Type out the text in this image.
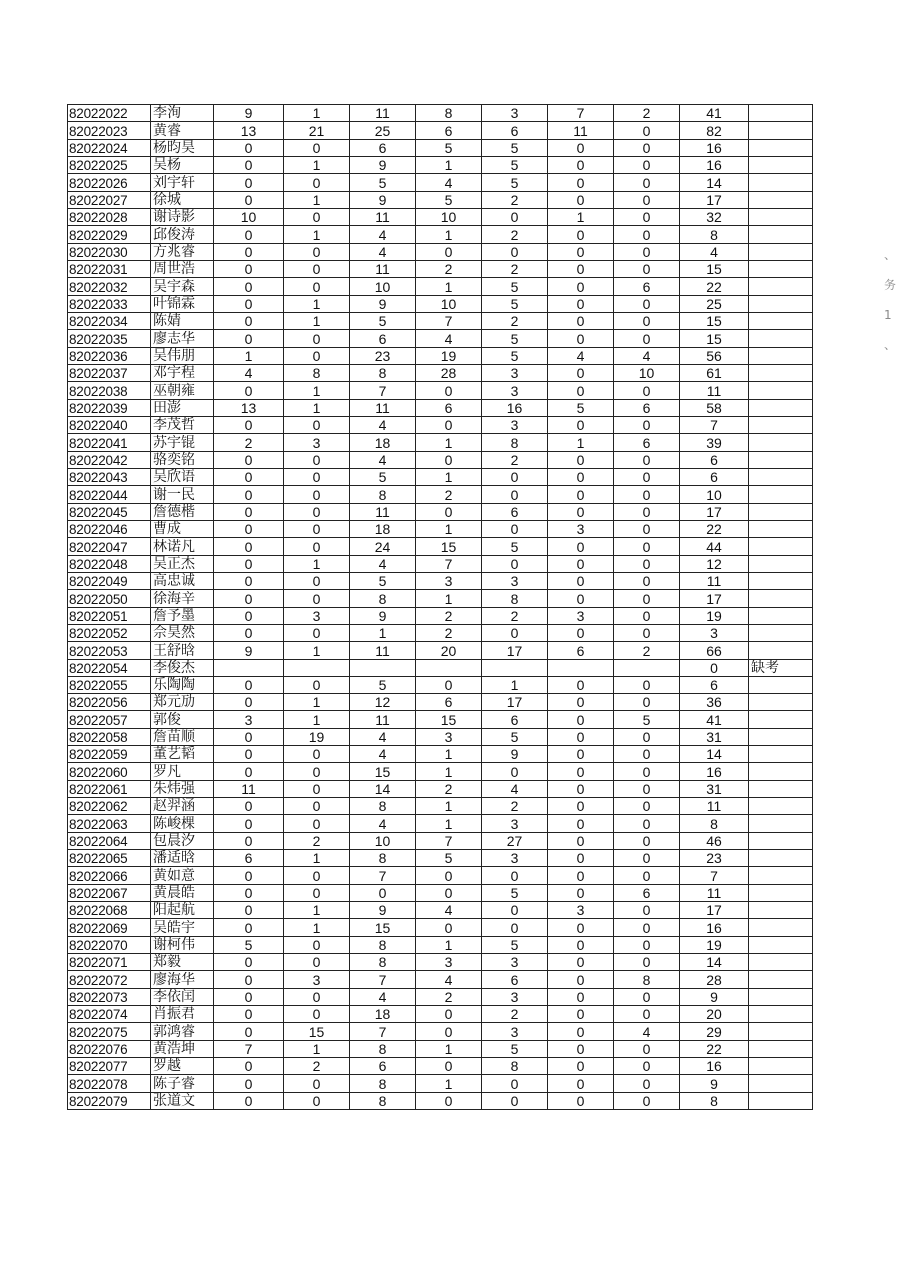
82022022	李洵	9	1	11	8	3	7	2	41	
82022023	黄睿	13	21	25	6	6	11	0	82	
82022024	杨昀昊	0	0	6	5	5	0	0	16	
82022025	吴杨	0	1	9	1	5	0	0	16	
82022026	刘宇轩	0	0	5	4	5	0	0	14	
82022027	徐城	0	1	9	5	2	0	0	17	
82022028	谢诗影	10	0	11	10	0	1	0	32	
82022029	邱俊涛	0	1	4	1	2	0	0	8	
82022030	方兆睿	0	0	4	0	0	0	0	4	
82022031	周世浩	0	0	11	2	2	0	0	15	
82022032	吴宇森	0	0	10	1	5	0	6	22	
82022033	叶锦霖	0	1	9	10	5	0	0	25	
82022034	陈婧	0	1	5	7	2	0	0	15	
82022035	廖志华	0	0	6	4	5	0	0	15	
82022036	吴伟朋	1	0	23	19	5	4	4	56	
82022037	邓宇程	4	8	8	28	3	0	10	61	
82022038	巫朝雍	0	1	7	0	3	0	0	11	
82022039	田澎	13	1	11	6	16	5	6	58	
82022040	李茂哲	0	0	4	0	3	0	0	7	
82022041	苏宇锟	2	3	18	1	8	1	6	39	
82022042	骆奕铭	0	0	4	0	2	0	0	6	
82022043	吴欣语	0	0	5	1	0	0	0	6	
82022044	谢一民	0	0	8	2	0	0	0	10	
82022045	詹德楷	0	0	11	0	6	0	0	17	
82022046	曹成	0	0	18	1	0	3	0	22	
82022047	林诺凡	0	0	24	15	5	0	0	44	
82022048	吴正杰	0	1	4	7	0	0	0	12	
82022049	高忠诚	0	0	5	3	3	0	0	11	
82022050	徐海辛	0	0	8	1	8	0	0	17	
82022051	詹予墨	0	3	9	2	2	3	0	19	
82022052	佘昊然	0	0	1	2	0	0	0	3	
82022053	王舒晗	9	1	11	20	17	6	2	66	
82022054	李俊杰								0	缺考
82022055	乐陶陶	0	0	5	0	1	0	0	6	
82022056	郑元劢	0	1	12	6	17	0	0	36	
82022057	郭俊	3	1	11	15	6	0	5	41	
82022058	詹苗顺	0	19	4	3	5	0	0	31	
82022059	董艺韬	0	0	4	1	9	0	0	14	
82022060	罗凡	0	0	15	1	0	0	0	16	
82022061	朱炜强	11	0	14	2	4	0	0	31	
82022062	赵羿涵	0	0	8	1	2	0	0	11	
82022063	陈峻棵	0	0	4	1	3	0	0	8	
82022064	包晨汐	0	2	10	7	27	0	0	46	
82022065	潘适晗	6	1	8	5	3	0	0	23	
82022066	黄如意	0	0	7	0	0	0	0	7	
82022067	黄晨皓	0	0	0	0	5	0	6	11	
82022068	阳起航	0	1	9	4	0	3	0	17	
82022069	吴皓宇	0	1	15	0	0	0	0	16	
82022070	谢柯伟	5	0	8	1	5	0	0	19	
82022071	郑毅	0	0	8	3	3	0	0	14	
82022072	廖海华	0	3	7	4	6	0	8	28	
82022073	李依闰	0	0	4	2	3	0	0	9	
82022074	肖振君	0	0	18	0	2	0	0	20	
82022075	郭鸿睿	0	15	7	0	3	0	4	29	
82022076	黄浩坤	7	1	8	1	5	0	0	22	
82022077	罗越	0	2	6	0	8	0	0	16	
82022078	陈子睿	0	0	8	1	0	0	0	9	
82022079	张道文	0	0	8	0	0	0	0	8	
、
务
1
、
